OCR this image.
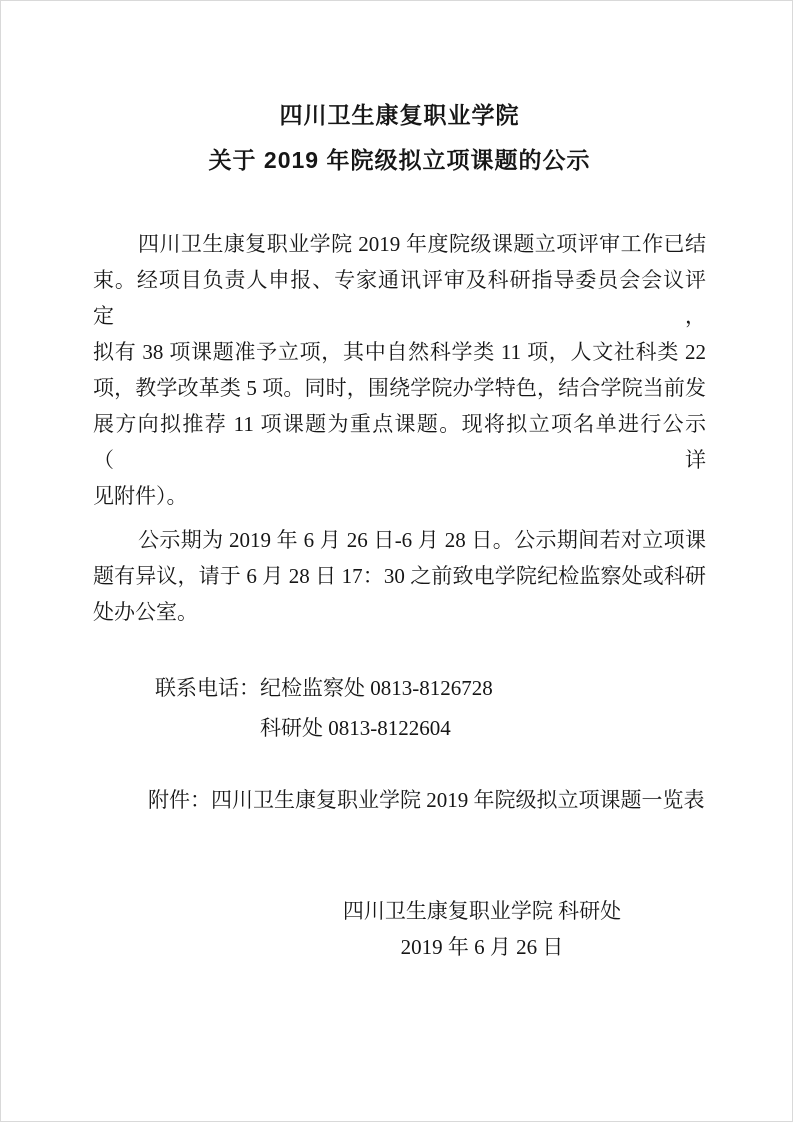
四川卫生康复职业学院
关于 2019 年院级拟立项课题的公示
四川卫生康复职业学院 2019 年度院级课题立项评审工作已结
束。经项目负责人申报、专家通讯评审及科研指导委员会会议评定，
拟有 38 项课题准予立项，其中自然科学类 11 项，人文社科类 22
项，教学改革类 5 项。同时，围绕学院办学特色，结合学院当前发
展方向拟推荐 11 项课题为重点课题。现将拟立项名单进行公示（详
见附件）。
公示期为 2019 年 6 月 26 日-6 月 28 日。公示期间若对立项课
题有异议，请于 6 月 28 日 17：30 之前致电学院纪检监察处或科研
处办公室。
联系电话：纪检监察处 0813-8126728
科研处 0813-8122604
附件：四川卫生康复职业学院 2019 年院级拟立项课题一览表
四川卫生康复职业学院 科研处
2019 年 6 月 26 日
